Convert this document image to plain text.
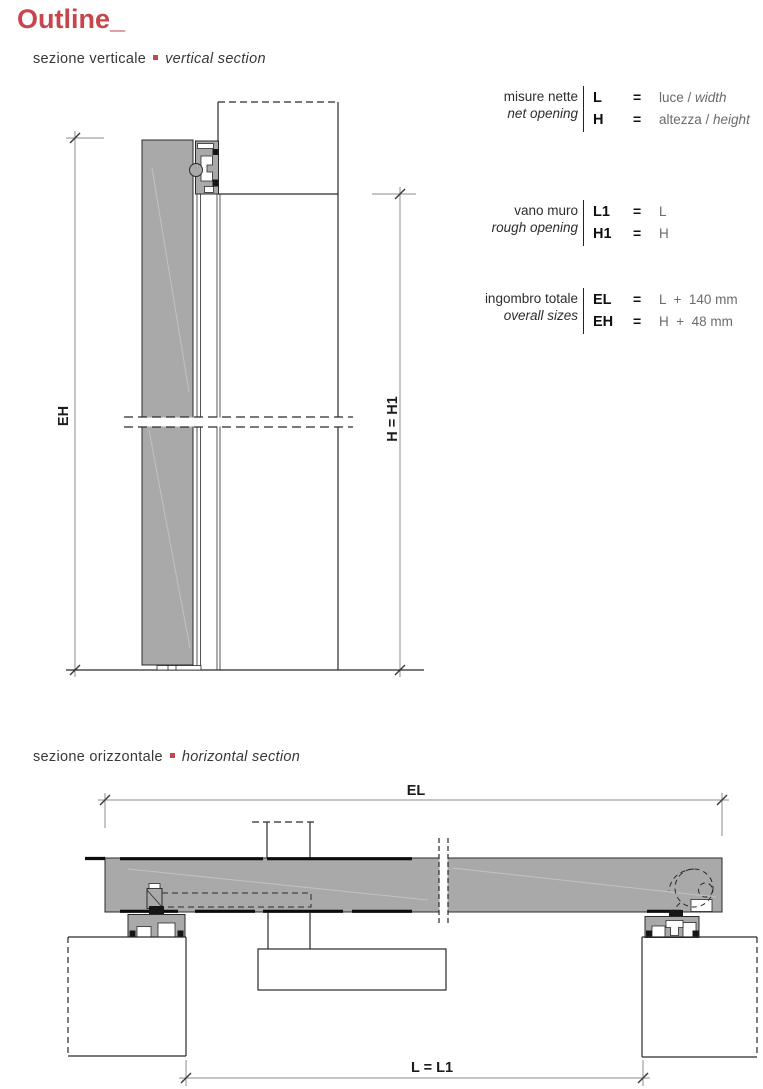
Outline_
sezione verticale vertical section
sezione orizzontale horizontal section
misure nette
net opening
L	=	luce / width
H	=	altezza / height
vano muro
rough opening
L1	=	L
H1	=	H
ingombro totale
overall sizes
EL	=	L  +  140 mm
EH	=	H  +  48 mm
EH	H = H1
EL
L = L1
